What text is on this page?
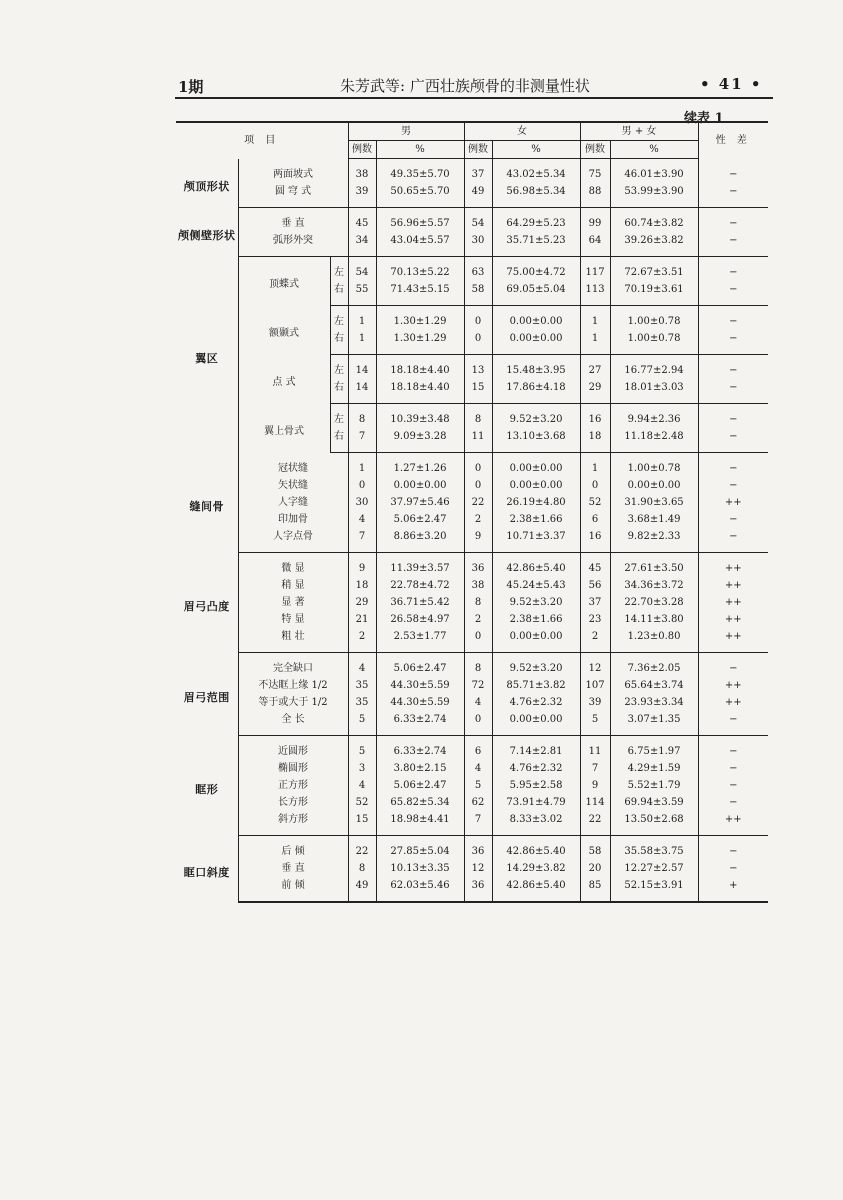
1期	朱芳武等: 广西壮族颅骨的非测量性状	• 41 •
续表 1
项 目			男		女		男 + 女		性 差
			例数	%	例数	%	例数	%	
颅顶形状	两面坡式		38	49.35±5.70	37	43.02±5.34	75	46.01±3.90	−
	圆 穹 式		39	50.65±5.70	49	56.98±5.34	88	53.99±3.90	−
颅侧壁形状	垂 直		45	56.96±5.57	54	64.29±5.23	99	60.74±3.82	−
	弧形外突		34	43.04±5.57	30	35.71±5.23	64	39.26±3.82	−
翼区	顶蝶式	左	54	70.13±5.22	63	75.00±4.72	117	72.67±3.51	−
		右	55	71.43±5.15	58	69.05±5.04	113	70.19±3.61	−
	额颞式	左	1	1.30±1.29	0	0.00±0.00	1	1.00±0.78	−
		右	1	1.30±1.29	0	0.00±0.00	1	1.00±0.78	−
	点 式	左	14	18.18±4.40	13	15.48±3.95	27	16.77±2.94	−
		右	14	18.18±4.40	15	17.86±4.18	29	18.01±3.03	−
	翼上骨式	左	8	10.39±3.48	8	9.52±3.20	16	9.94±2.36	−
		右	7	9.09±3.28	11	13.10±3.68	18	11.18±2.48	−
缝间骨	冠状缝		1	1.27±1.26	0	0.00±0.00	1	1.00±0.78	−
	矢状缝		0	0.00±0.00	0	0.00±0.00	0	0.00±0.00	−
	人字缝		30	37.97±5.46	22	26.19±4.80	52	31.90±3.65	++
	印加骨		4	5.06±2.47	2	2.38±1.66	6	3.68±1.49	−
	人字点骨		7	8.86±3.20	9	10.71±3.37	16	9.82±2.33	−
眉弓凸度	微 显		9	11.39±3.57	36	42.86±5.40	45	27.61±3.50	++
	稍 显		18	22.78±4.72	38	45.24±5.43	56	34.36±3.72	++
	显 著		29	36.71±5.42	8	9.52±3.20	37	22.70±3.28	++
	特 显		21	26.58±4.97	2	2.38±1.66	23	14.11±3.80	++
	粗 壮		2	2.53±1.77	0	0.00±0.00	2	1.23±0.80	++
眉弓范围	完全缺口		4	5.06±2.47	8	9.52±3.20	12	7.36±2.05	−
	不达眶上缘 1/2		35	44.30±5.59	72	85.71±3.82	107	65.64±3.74	++
	等于或大于 1/2		35	44.30±5.59	4	4.76±2.32	39	23.93±3.34	++
	全 长		5	6.33±2.74	0	0.00±0.00	5	3.07±1.35	−
眶形	近圆形		5	6.33±2.74	6	7.14±2.81	11	6.75±1.97	−
	椭圆形		3	3.80±2.15	4	4.76±2.32	7	4.29±1.59	−
	正方形		4	5.06±2.47	5	5.95±2.58	9	5.52±1.79	−
	长方形		52	65.82±5.34	62	73.91±4.79	114	69.94±3.59	−
	斜方形		15	18.98±4.41	7	8.33±3.02	22	13.50±2.68	++
眶口斜度	后 倾		22	27.85±5.04	36	42.86±5.40	58	35.58±3.75	−
	垂 直		8	10.13±3.35	12	14.29±3.82	20	12.27±2.57	−
	前 倾		49	62.03±5.46	36	42.86±5.40	85	52.15±3.91	+
